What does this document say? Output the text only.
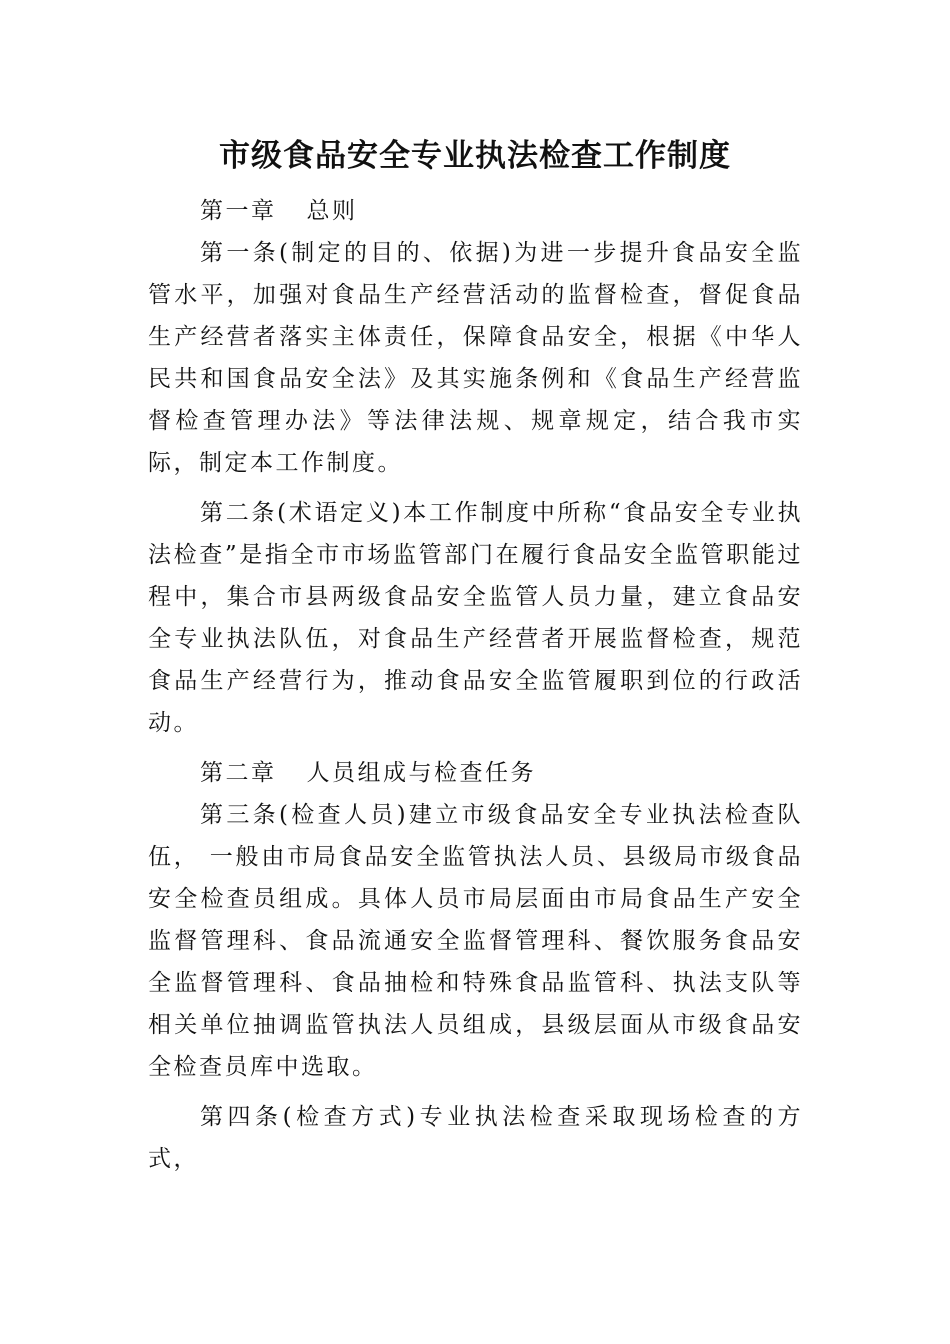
市级食品安全专业执法检查工作制度

第一章 总则

第一条(制定的目的、依据)为进一步提升食品安全监管水平，加强对食品生产经营活动的监督检查，督促食品生产经营者落实主体责任，保障食品安全，根据《中华人民共和国食品安全法》及其实施条例和《食品生产经营监督检查管理办法》等法律法规、规章规定，结合我市实际，制定本工作制度。

第二条(术语定义)本工作制度中所称“食品安全专业执法检查”是指全市市场监管部门在履行食品安全监管职能过程中，集合市县两级食品安全监管人员力量，建立食品安全专业执法队伍，对食品生产经营者开展监督检查，规范食品生产经营行为，推动食品安全监管履职到位的行政活动。

第二章 人员组成与检查任务

第三条(检查人员)建立市级食品安全专业执法检查队伍， 一般由市局食品安全监管执法人员、县级局市级食品安全检查员组成。具体人员市局层面由市局食品生产安全监督管理科、食品流通安全监督管理科、餐饮服务食品安全监督管理科、食品抽检和特殊食品监管科、执法支队等相关单位抽调监管执法人员组成，县级层面从市级食品安全检查员库中选取。

第四条(检查方式)专业执法检查采取现场检查的方式，
